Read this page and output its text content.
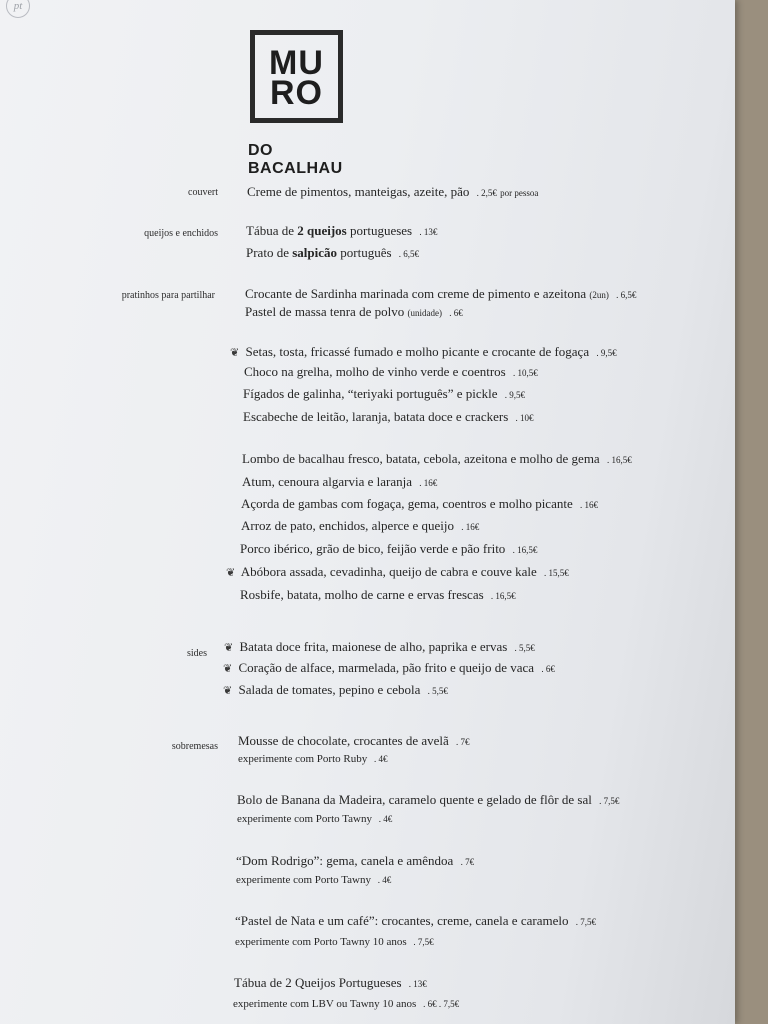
pt
MU
RO
DO BACALHAU
couvert Creme de pimentos, manteigas, azeite, pão . 2,5€ por pessoa
queijos e enchidos Tábua de 2 queijos portugueses . 13€
Prato de salpicão português . 6,5€
pratinhos para partilhar Crocante de Sardinha marinada com creme de pimento e azeitona (2un) . 6,5€
Pastel de massa tenra de polvo (unidade) . 6€
❦ Setas, tosta, fricassé fumado e molho picante e crocante de fogaça . 9,5€
Choco na grelha, molho de vinho verde e coentros . 10,5€
Fígados de galinha, “teriyaki português” e pickle . 9,5€
Escabeche de leitão, laranja, batata doce e crackers . 10€
Lombo de bacalhau fresco, batata, cebola, azeitona e molho de gema . 16,5€
Atum, cenoura algarvia e laranja . 16€
Açorda de gambas com fogaça, gema, coentros e molho picante . 16€
Arroz de pato, enchidos, alperce e queijo . 16€
Porco ibérico, grão de bico, feijão verde e pão frito . 16,5€
❦ Abóbora assada, cevadinha, queijo de cabra e couve kale . 15,5€
Rosbife, batata, molho de carne e ervas frescas . 16,5€
sides ❦ Batata doce frita, maionese de alho, paprika e ervas . 5,5€
❦ Coração de alface, marmelada, pão frito e queijo de vaca . 6€
❦ Salada de tomates, pepino e cebola . 5,5€
sobremesas Mousse de chocolate, crocantes de avelã . 7€
experimente com Porto Ruby . 4€
Bolo de Banana da Madeira, caramelo quente e gelado de flôr de sal . 7,5€
experimente com Porto Tawny . 4€
“Dom Rodrigo”: gema, canela e amêndoa . 7€
experimente com Porto Tawny . 4€
“Pastel de Nata e um café”: crocantes, creme, canela e caramelo . 7,5€
experimente com Porto Tawny 10 anos . 7,5€
Tábua de 2 Queijos Portugueses . 13€
experimente com LBV ou Tawny 10 anos . 6€ . 7,5€
